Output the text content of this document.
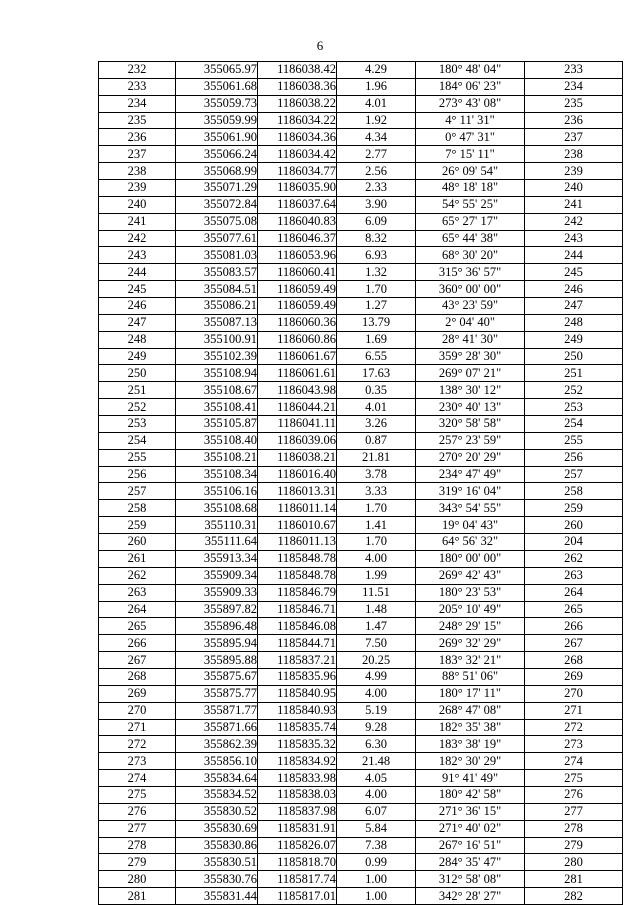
6
232	355065.97	1186038.42	4.29	180° 48' 04"	233
233	355061.68	1186038.36	1.96	184° 06' 23"	234
234	355059.73	1186038.22	4.01	273° 43' 08"	235
235	355059.99	1186034.22	1.92	4° 11' 31"	236
236	355061.90	1186034.36	4.34	0° 47' 31"	237
237	355066.24	1186034.42	2.77	7° 15' 11"	238
238	355068.99	1186034.77	2.56	26° 09' 54"	239
239	355071.29	1186035.90	2.33	48° 18' 18"	240
240	355072.84	1186037.64	3.90	54° 55' 25"	241
241	355075.08	1186040.83	6.09	65° 27' 17"	242
242	355077.61	1186046.37	8.32	65° 44' 38"	243
243	355081.03	1186053.96	6.93	68° 30' 20"	244
244	355083.57	1186060.41	1.32	315° 36' 57"	245
245	355084.51	1186059.49	1.70	360° 00' 00"	246
246	355086.21	1186059.49	1.27	43° 23' 59"	247
247	355087.13	1186060.36	13.79	2° 04' 40"	248
248	355100.91	1186060.86	1.69	28° 41' 30"	249
249	355102.39	1186061.67	6.55	359° 28' 30"	250
250	355108.94	1186061.61	17.63	269° 07' 21"	251
251	355108.67	1186043.98	0.35	138° 30' 12"	252
252	355108.41	1186044.21	4.01	230° 40' 13"	253
253	355105.87	1186041.11	3.26	320° 58' 58"	254
254	355108.40	1186039.06	0.87	257° 23' 59"	255
255	355108.21	1186038.21	21.81	270° 20' 29"	256
256	355108.34	1186016.40	3.78	234° 47' 49"	257
257	355106.16	1186013.31	3.33	319° 16' 04"	258
258	355108.68	1186011.14	1.70	343° 54' 55"	259
259	355110.31	1186010.67	1.41	19° 04' 43"	260
260	355111.64	1186011.13	1.70	64° 56' 32"	204
261	355913.34	1185848.78	4.00	180° 00' 00"	262
262	355909.34	1185848.78	1.99	269° 42' 43"	263
263	355909.33	1185846.79	11.51	180° 23' 53"	264
264	355897.82	1185846.71	1.48	205° 10' 49"	265
265	355896.48	1185846.08	1.47	248° 29' 15"	266
266	355895.94	1185844.71	7.50	269° 32' 29"	267
267	355895.88	1185837.21	20.25	183° 32' 21"	268
268	355875.67	1185835.96	4.99	88° 51' 06"	269
269	355875.77	1185840.95	4.00	180° 17' 11"	270
270	355871.77	1185840.93	5.19	268° 47' 08"	271
271	355871.66	1185835.74	9.28	182° 35' 38"	272
272	355862.39	1185835.32	6.30	183° 38' 19"	273
273	355856.10	1185834.92	21.48	182° 30' 29"	274
274	355834.64	1185833.98	4.05	91° 41' 49"	275
275	355834.52	1185838.03	4.00	180° 42' 58"	276
276	355830.52	1185837.98	6.07	271° 36' 15"	277
277	355830.69	1185831.91	5.84	271° 40' 02"	278
278	355830.86	1185826.07	7.38	267° 16' 51"	279
279	355830.51	1185818.70	0.99	284° 35' 47"	280
280	355830.76	1185817.74	1.00	312° 58' 08"	281
281	355831.44	1185817.01	1.00	342° 28' 27"	282
